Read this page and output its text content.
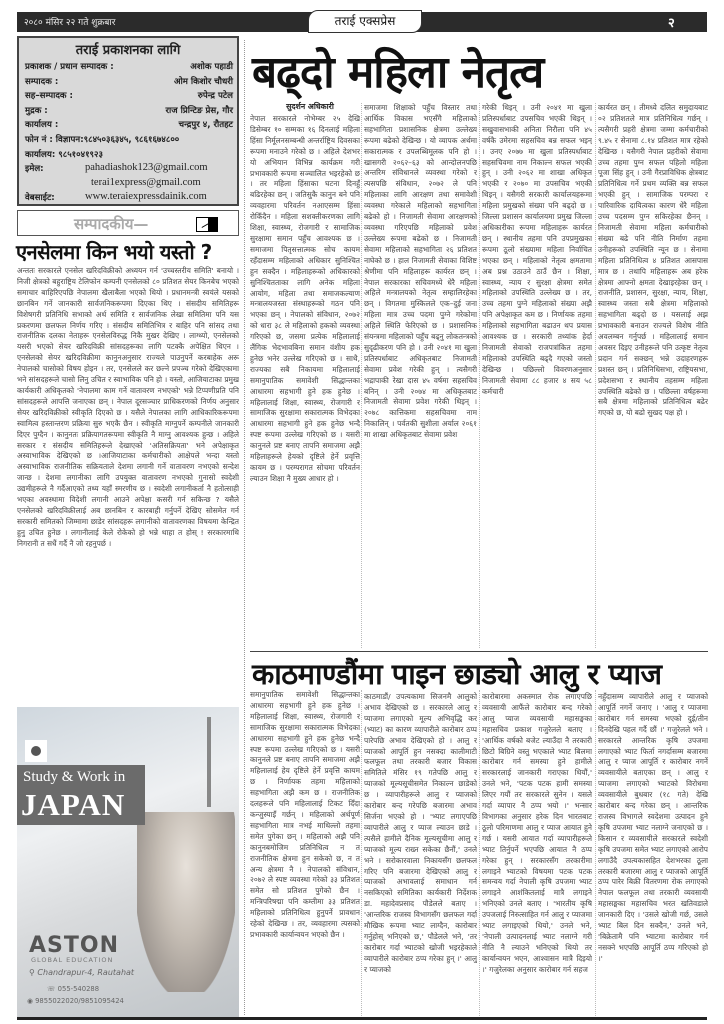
२०८० मंसिर २२ गते शुक्रबार	तराई एक्सप्रेस	२
तराई प्रकाशनका लागि
प्रकाशक / प्रधान सम्पादक :	अशोक पहाडी
सम्पादक :	ओम किशोर चौधरी
सह–सम्पादक :	रुपेन्द्र पटेल
मुद्रक :	राज प्रिन्टिङ प्रेस, गौर
कार्यालय :	चन्द्रपुर ४, रौतहट
फोन नं : विज्ञापन:९८४५०३६३४५, ९८६१६७४८००
कार्यालय: ९८५१०४१९२३
इमेल:	pahadiashok123@gmail.com
terai1express@gmail.com
वेबसाईट:	www.teraiexpressdainik.com
सम्पादकीय—
एनसेलमा किन भयो यस्तो ?
अन्ततः सरकारले एनसेल खरिदविक्रीको अध्ययन गर्न 'उच्चस्तरीय समिति' बनायो । निजी क्षेत्रको बहुराष्ट्रिय टेलिफोन कम्पनी एनसेलको ८० प्रतिशत सेयर किनबेच भएको समाचार बाहिरिएपछि नेपालमा खैलाबैला भएको थियो । प्रधानमन्त्री स्वयंले यसको छानबिन गर्ने जानकारी सार्वजनिकरूपमा दिएका थिए । संसदीय समितिहरू विशेषगरी प्रतिनिधि सभाको अर्थ समिति र सार्वजनिक लेखा समितिमा पनि यस प्रकरणमा छलफल निर्णय गरिए । संसदीय समितिभित्र र बाहिर पनि सांसद तथा राजनीतिक दलका नेताहरू एनसेलविरुद्ध निकै मुखर देखिए । लाग्थ्यो, एनसेलको यसरी भएको सेयर खरिदविक्री सांसदहरूका लागि पटक्कै अपेक्षित थिएन । एनसेलको सेयर खरिदविक्रीमा कानुनअनुसार राज्यले पाउनुपर्ने करबाहेक अरू नेपालको चासोको विषय होइन । तर, एनसेलले कर छल्ने प्रपञ्च गरेको देखिएकामा भने सांसदहरूले चासो लिनु उचित र स्वाभाविक पनि हो । यस्तो, आजियाटाका प्रमुख कार्यकारी अधिकृतको 'नेपालमा काम गर्ने वातावरण नभएको' भन्ने टिप्पणीप्रति पनि सांसदहरूले आपत्ति जनाएका छन् । नेपाल दूरसञ्चार प्राधिकरणको निर्णय अनुसार सेयर खरिदविक्रीको स्वीकृति दिएको छ । यसैले नेपालका लागि आधिकारिकरूपमा स्वामित्व हस्तान्तरण प्रक्रिया सुरु भएकै छैन । स्वीकृति माग्नुपर्ने कम्पनीले जानकारी दिएर पुग्दैन । कानुनतः प्रक्रियागतरूपमा स्वीकृति नै माग्नु आवश्यक हुन्छ । अहिले सरकार र संसदीय समितिहरूले देखाएको 'अतिसक्रियता' भने अपेक्षाकृत अस्वाभाविक देखिएको छ ।आजियाटाका कर्मचारीको आक्षेपले भन्दा यस्तो अस्वाभाविक राजनीतिक सक्रियताले देशमा लगानी गर्ने वातावरण नभएको सन्देश जान्छ । देशमा लगानीका लागि उपयुक्त वातावरण नभएको गुनासो स्वदेशी उद्यमीहरूले नै गर्दैआएको तथ्य यहाँ स्मरणीय छ । स्वदेशी लगानीकर्ता नै हतोत्साही भएका अवस्थामा विदेशी लगानी आउने अपेक्षा कसरी गर्न सकिन्छ ? यसैले एनसेलको खरिदविक्रीलाई अब छानबिन र कारबाही गर्नुपर्ने देखिए सोसमेत गर्न सरकारी समितको जिम्मामा छाडेर सांसदहरू लगानीको वातावरणका विषयमा केन्द्रित हुनु उचित हुनेछ । लगानीलाई केले रोकेको हो भन्ने थाहा त होस् ! सरकारमाथि निगरानी त सधैं गर्दै नै जो रहनुपर्छ ।
Study & Work in
JAPAN
ASTON
GLOBAL EDUCATION
⚲ Chandrapur-4, Rautahat
☏ 055-540288
◉ 9855022020/9851095424
बढ्दो महिला नेतृत्व
सुदर्शन अधिकारी
नेपाल सरकारले नोभेम्बर २५ देखि डिसेम्बर १० सम्मका १६ दिनलाई महिला हिंसा निर्मूलनसम्बन्धी अन्तर्राष्ट्रिय दिवसका रूपमा मनाउने गरेको छ । अहिले देशभर यो अभियान विभिन्न कार्यक्रम गरी प्रभावकारी रूपमा सञ्चालित भइरहेको छ । तर महिला हिंसाका घटना दिनहुँ बढिरहेका छन् । जतिसुकै कानुन बने पनि व्यवहारमा परिवर्तन नआएसम्म हिंसा रोकिँदैन । महिला सशक्तीकरणका लागि शिक्षा, स्वास्थ्य, रोजगारी र सामाजिक सुरक्षामा समान पहुँच आवश्यक छ । समाजमा पितृसत्तात्मक सोच कायम रहँदासम्म महिलाको अधिकार सुनिश्चित हुन सक्दैन । महिलाहरूको अधिकारको सुनिश्चितताका लागि अनेक महिला आयोग, महिला तथा समाजकल्याण मन्त्रालयजस्ता संस्थाहरूको गठन पनि भएका छन् । नेपालको संविधान, २०७२ को धारा ३८ ले महिलाको हकको व्यवस्था गरिएको छ, जसमा प्रत्येक महिलालाई लैंगिक भेदभावबिना समान वंशीय हक हुनेछ भनेर उल्लेख गरिएको छ । साथै, राज्यका सबै निकायमा महिलालाई समानुपातिक समावेशी सिद्धान्तका आधारमा सहभागी हुने हक हुनेछ । महिलालाई शिक्षा, स्वास्थ्य, रोजगारी र सामाजिक सुरक्षामा सकारात्मक विभेदका आधारमा सहभागी हुने हक हुनेछ भन्दै स्पष्ट रूपमा उल्लेख गरिएको छ । यसरी कानुनले प्रष्ट बनाए तापनि समाजमा अझै महिलाहरूले हेयको दृष्टिले हेर्ने प्रवृत्ति कायम छ । परम्परागत सोचमा परिवर्तन ल्याउन शिक्षा नै मुख्य आधार हो ।
समाजमा शिक्षाको पहुँच विस्तार तथा आर्थिक विकास भएसँगै महिलाको सहभागिता प्रशासनिक क्षेत्रमा उल्लेख्य रूपमा बढेको देखिन्छ । यो व्यापक अर्थमा सकारात्मक र उपलब्धिमूलक पनि हो । खासगरी २०६२–६३ को आन्दोलनपछि अन्तरिम संविधानले व्यवस्था गरेको र त्यसपछि संविधान, २०७२ ले पनि महिलाका लागि आरक्षण तथा समावेशी व्यवस्था गरेकाले महिलाको सहभागिता बढेको हो । निजामती सेवामा आरक्षणको व्यवस्था गरिएपछि महिलाको प्रवेश उल्लेख्य रूपमा बढेको छ । निजामती सेवामा महिलाको सहभागिता २६ प्रतिशत नाघेको छ । हाल निजामती सेवाका विशिष्ट श्रेणीमा पनि महिलाहरू कार्यरत छन् । नेपाल सरकारका सचिवमध्ये धेरै महिला अहिले मन्त्रालयको नेतृत्व सम्हालिरहेका छन् । विगतमा मुस्किलले एक–दुई जना महिला मात्र उच्च पदमा पुग्ने गरेकोमा अहिले स्थिति फेरिएको छ । प्रशासनिक संयन्त्रमा महिलाको पहुँच बढ्नु लोकतन्त्रको सुदृढीकरण पनि हो । उनी २०४१ मा खुला प्रतिस्पर्धाबाट अधिकृतबाट निजामती सेवामा प्रवेश गरेकी हुन् । त्यसैगरी भद्रापाकी रेखा दास ४५ वर्षमा सहसचिव बनिन् । उनी २०७४ मा अधिकृतबाट निजामती सेवामा प्रवेश गरेकी थिइन् । २०७८ कात्तिकमा सहसचिवमा नाम निकालिन् । पर्वतकी सुशीला अर्याल २०६१ मा शाखा अधिकृतबाट सेवामा प्रवेश
गरेकी थिइन् । उनी २०४१ मा खुला प्रतिस्पर्धाबाट उपसचिव भएकी थिइन् । सखुवासभाकी अनिता निरौला पनि ४५ वर्षकै उमेरमा सहसचिव बन्न सफल भइन् । उनए २०७७ मा खुला प्रतिस्पर्धाबाट सहसचिवमा नाम निकाल्न सफल भएकी हुन् । उनी २०६२ मा शाखा अधिकृत भएकी र २०७० मा उपसचिव भएकी थिइन् । यसैगरी सरकारी कार्यालयहरूमा महिला प्रमुखको संख्या पनि बढ्दो छ । जिल्ला प्रशासन कार्यालयमा प्रमुख जिल्ला अधिकारीका रूपमा महिलाहरू कार्यरत छन् । स्थानीय तहमा पनि उपप्रमुखका रूपमा ठूलो संख्यामा महिला निर्वाचित भएका छन् । महिलाको नेतृत्व क्षमतामा अब प्रश्न उठाउने ठाउँ छैन । शिक्षा, स्वास्थ्य, न्याय र सुरक्षा क्षेत्रमा समेत महिलाको उपस्थिति उल्लेख्य छ । तर, उच्च तहमा पुग्ने महिलाको संख्या अझै पनि अपेक्षाकृत कम छ । निर्णायक तहमा महिलाको सहभागिता बढाउन थप प्रयास आवश्यक छ । सरकारी तथ्यांक हेर्दा निजामती सेवाको राजपत्रांकित तहमा महिलाको उपस्थिति बढ्दै गएको जस्तो देखिन्छ । पछिल्लो विवरणअनुसार निजामती सेवामा ८८ हजार ४ सय ५८ कर्मचारी
कार्यरत छन् । तीमध्ये दलित समुदायबाट ०२ प्रतिशतले मात्र प्रतिनिधित्व गर्छन् । त्यसैगरी प्रहरी क्षेत्रमा जम्मा कर्मचारीको ९.४५ र सेनामा ८.१४ प्रतिशत मात्र रहेको देखिन्छ । यसैगरी नेपाल प्रहरीको सेवामा उच्च तहमा पुग्न सफल पहिलो महिला पूजा सिंह हुन् । उनी गैरप्राविधिक क्षेत्रबाट प्रतिनिधित्व गर्ने प्रथम व्यक्ति बन्न सफल भएकी हुन् । सामाजिक परम्परा र पारिवारिक दायित्वका कारण धेरै महिला उच्च पदसम्म पुग्न सकिरहेका छैनन् । निजामती सेवामा महिला कर्मचारीको संख्या बढे पनि नीति निर्माण तहमा उनीहरूको उपस्थिति न्यून छ । सेनामा महिला प्रतिनिधित्व ४ प्रतिशत आसपास मात्र छ । तथापि महिलाहरू अब हरेक क्षेत्रमा आफ्नो क्षमता देखाइरहेका छन् । राजनीति, प्रशासन, सुरक्षा, न्याय, शिक्षा, स्वास्थ्य जस्ता सबै क्षेत्रमा महिलाको सहभागिता बढ्दो छ । यसलाई अझ प्रभावकारी बनाउन राज्यले विशेष नीति अवलम्बन गर्नुपर्छ । महिलालाई समान अवसर दिइए उनीहरूले पनि उत्कृष्ट नेतृत्व प्रदान गर्न सक्छन् भन्ने उदाहरणहरू प्रशस्त छन् । प्रतिनिधिसभा, राष्ट्रियसभा, प्रदेशसभा र स्थानीय तहसम्म महिला उपस्थिति बढेको छ । पछिल्ला वर्षहरूमा सबै क्षेत्रमा महिलाको प्रतिनिधित्व बढेर गएको छ, यो बढो सुखद पक्ष हो ।
समानुपातिक समावेशी सिद्धान्तका आधारमा सहभागी हुने हक हुनेछ । महिलालाई शिक्षा, स्वास्थ्य, रोजगारी र सामाजिक सुरक्षामा सकारात्मक विभेदका आधारमा सहभागी हुने हक हुनेछ भन्दै स्पष्ट रूपमा उल्लेख गरिएको छ । यसरी कानुनले प्रष्ट बनाए तापनि समाजमा अझै महिलालाई हेय दृष्टिले हेर्ने प्रवृत्ति कायम छ । निर्णायक तहमा महिलाको सहभागिता अझै कम छ । राजनीतिक दलहरूले पनि महिलालाई टिकट दिँदा कन्जुस्याइँ गर्छन् । महिलाको अर्थपूर्ण सहभागिता मात्र नभई माथिल्लो तहमा समेत पुगेका छन् । महिलाको अझै पनि कानुनबमोजिम प्रतिनिधित्व न त राजनीतिक क्षेत्रमा हुन सकेको छ, न त अन्य क्षेत्रमा नै । नेपालको संविधान, २०७२ ले स्पष्ट व्यवस्था गरेको ३३ प्रतिशत समेत सो प्रतिशत पुगेको छैन । मन्त्रिपरिषद्मा पनि कम्तीमा ३३ प्रतिशत महिलाको प्रतिनिधित्व हुनुपर्ने प्रावधान रहेको देखिन्छ । तर, व्यवहारमा त्यसको प्रभावकारी कार्यान्वयन भएको छैन ।
काठमाण्डौंमा पाइन छाड्यो आलु र प्याज
काठमाडौं/ उपत्यकामा सिजनमै आलुको अभाव देखिएको छ । सरकारले आलु र प्याजमा लगाएको मूल्य अभिवृद्धि कर (भ्याट) का कारण व्यापारीले कारोबार ठप्प पारेपछि अभाव देखिएको हो । आलु र प्याजको आपूर्ति हुन नसक्दा कालीमाटी फलफूल तथा तरकारी बजार विकास समितिले मंसिर १९ गतेपछि आलु र प्याजको मूल्यसूचीसमेत निकाल्न छाडेको छ । व्यापारीहरूले आलु र प्याजको कारोबार बन्द गरेपछि बजारमा अभाव सिर्जना भएको हो । 'भ्याट लगाएपछि व्यापारीले आलु र प्याज ल्याउन छाडे । त्यसैले हामीले दैनिक मूल्यसूचीमा आलु र प्याजको मूल्य राख्न सकेका छैनौं,' उनले भने । सरोकारवाला निकायसँग छलफल गरिए पनि बजारमा देखिएको आलु र प्याजको अभावलाई समाधान गर्न नसकिएको समितिका कार्यकारी निर्देशक डा. महादेवप्रसाद पौडेलले बताए । 'आन्तरिक राजस्व विभागसँग छलफल गर्दा मौखिक रूपमा भ्याट लाग्दैन, कारोबार गर्नुहोस् भनिएको छ,' पौडेलले भने, 'तर कारोबार गर्दा भ्याटको खोजी भइरहेकाले व्यापारीले कारोबार ठप्प गरेका हुन् ।' आलु र प्याजको
कारोबारमा अकस्मात रोक लगाएपछि व्यवसायी आफैंले कारोबार बन्द गरेको आलु प्याज व्यवसायी महासङ्घका महासचिव प्रकाश गजुरेलले बताए । 'आर्थिक वर्षको बजेट ल्याउँदा नै तरकारी छिटो बिग्रिने वस्तु भएकाले भ्याट बिलमा कारोबार गर्न समस्या हुने हामीले सरकारलाई जानकारी गराएका थियौं,' उनले भने, 'पटक पटक हामी समस्या लिएर गयौं तर सरकारले सुनेन । यसले गर्दा व्यापार नै ठप्प भयो ।' भन्सार विभागका अनुसार हरेक दिन भारतबाट ठूलो परिमाणमा आलु र प्याज आयात हुने गर्छ । यसरी आयात गर्दा व्यापारीहरूले भ्याट तिर्नुपर्ने भएपछि आयात नै ठप्प गरेका हुन् । सरकारसँग तरकारीमा लगाइने भ्याटको विषयमा पटक पटक समन्वय गर्दा नेपाली कृषि उपजमा भ्याट लगाइने आशंकितलाई मात्रै लगाइने भनिएको उनले बताए । 'भारतीय कृषि उपजलाई निरुत्साहित गर्न आलु र प्याजमा भ्याट लगाइएको थियो,' उनले भने, 'नेपाली उत्पादनलाई भ्याट नलाग्ने गरी नीति नै ल्याउने भनिएको थियो तर कार्यान्वयन भएन, आश्वासन मात्रै दिइयो ।' गजुरेलका अनुसार कारोबार गर्न सहज
नहुँदासम्म व्यापारीले आलु र प्याजको आपूर्ति नगर्ने जनाए । 'आलु र प्याजमा कारोबार गर्न समस्या भएको दुई/तीन दिनदेखि पहल गर्दै छौं ।' गजुरेलले भने । सरकारले आन्तरिक कृषि उपजमा लगाएको भ्याट फिर्ता नगर्दासम्म बजारमा आलु र प्याज आपूर्ति र कारोबार नगर्ने व्यवसायीले बताएका छन् । आलु र प्याजमा लगाएको भ्याटको विरोधमा व्यवसायीले बुधबार (१८ गते) देखि कारोबार बन्द गरेका छन् । आन्तरिक राजस्व विभागले स्वदेशमा उत्पादन हुने कृषि उपजमा भ्याट नलाग्ने जनाएको छ । किसान र व्यवसायीले सरकारले स्वदेशी कृषि उपजमा समेत भ्याट लगाएको आरोप लगाउँदै उपत्यकासहित देशभरका ठूला तरकारी बजारमा आलु र प्याजको आपूर्ति ठप्प पारेर बिक्री वितरणमा रोक लगाएको नेपाल फलफूल तथा तरकारी व्यवसायी महासङ्घका महासचिव भरत खतिवडाले जानकारी दिए । 'उसले खोजी गर्छ, उसले भ्याट बिल दिन सक्दैन,' उनले भने, 'बिक्रेतामै पनि भ्याटमा कारोबार गर्न नसक्ने भएपछि आपूर्ति ठप्प गरिएको हो ।'
